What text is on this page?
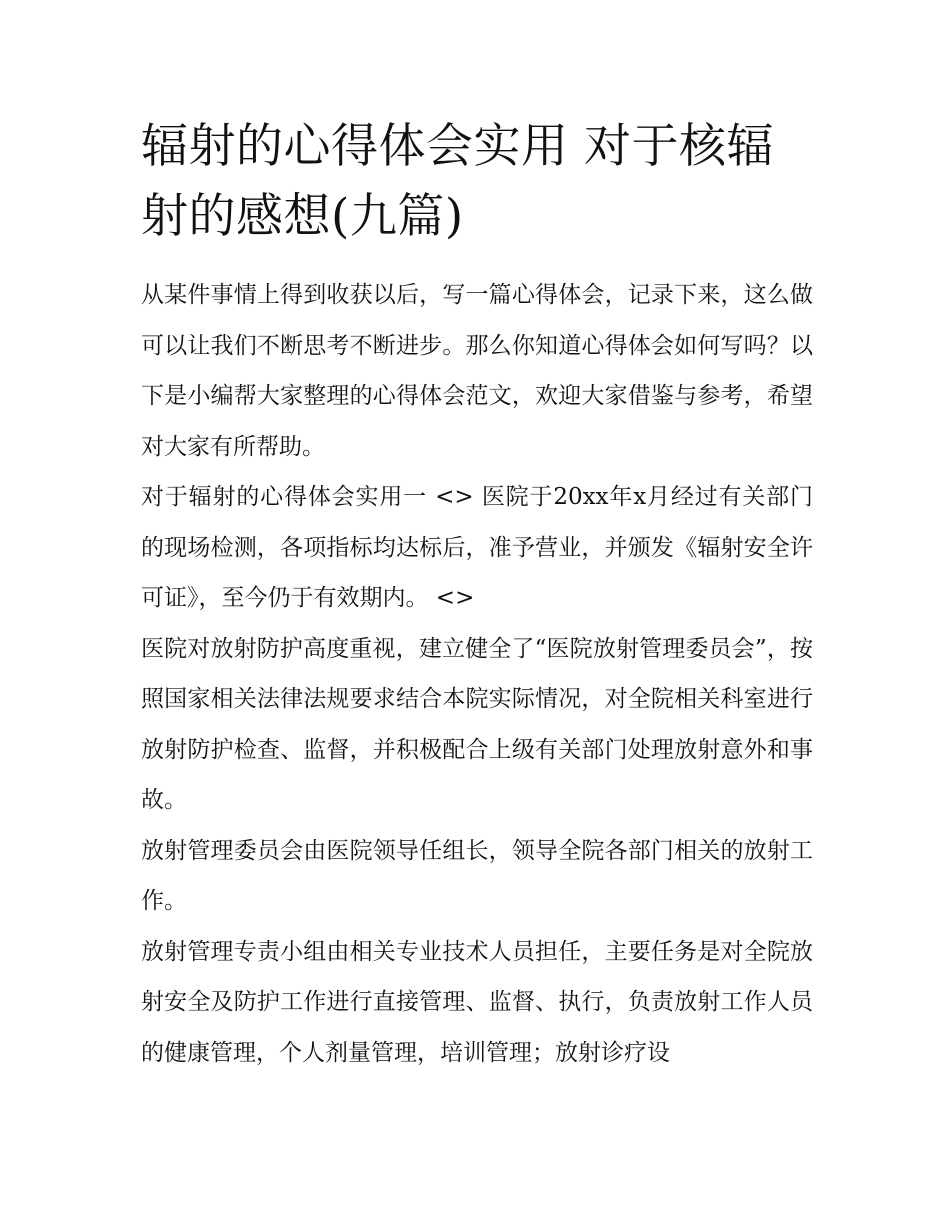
辐射的心得体会实用 对于核辐射的感想(九篇)

从某件事情上得到收获以后，写一篇心得体会，记录下来，这么做可以让我们不断思考不断进步。那么你知道心得体会如何写吗？以下是小编帮大家整理的心得体会范文，欢迎大家借鉴与参考，希望对大家有所帮助。

对于辐射的心得体会实用一 <> 医院于20xx年x月经过有关部门的现场检测，各项指标均达标后，准予营业，并颁发《辐射安全许可证》，至今仍于有效期内。 <>

医院对放射防护高度重视，建立健全了“医院放射管理委员会”，按照国家相关法律法规要求结合本院实际情况，对全院相关科室进行放射防护检查、监督，并积极配合上级有关部门处理放射意外和事故。

放射管理委员会由医院领导任组长，领导全院各部门相关的放射工作。

放射管理专责小组由相关专业技术人员担任，主要任务是对全院放射安全及防护工作进行直接管理、监督、执行，负责放射工作人员的健康管理，个人剂量管理，培训管理；放射诊疗设
